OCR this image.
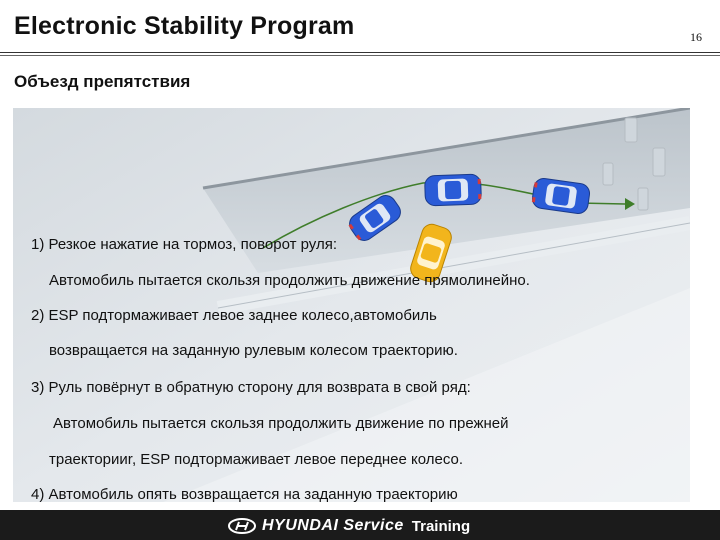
Electronic Stability Program	16
Объезд препятствия
1) Резкое нажатие на тормоз, поворот руля:
Автомобиль пытается скользя продолжить движение прямолинейно.
2) ESP подтормаживает левое заднее колесо,автомобиль
возвращается на заданную рулевым колесом траекторию.
3) Руль повёрнут в обратную сторону для возврата в свой ряд:
Автомобиль пытается скользя продолжить движение по прежней
траекторииr, ESP подтормаживает левое переднее колесо.
4) Автомобиль опять возвращается на заданную траекторию
HYUNDAI Service Training
